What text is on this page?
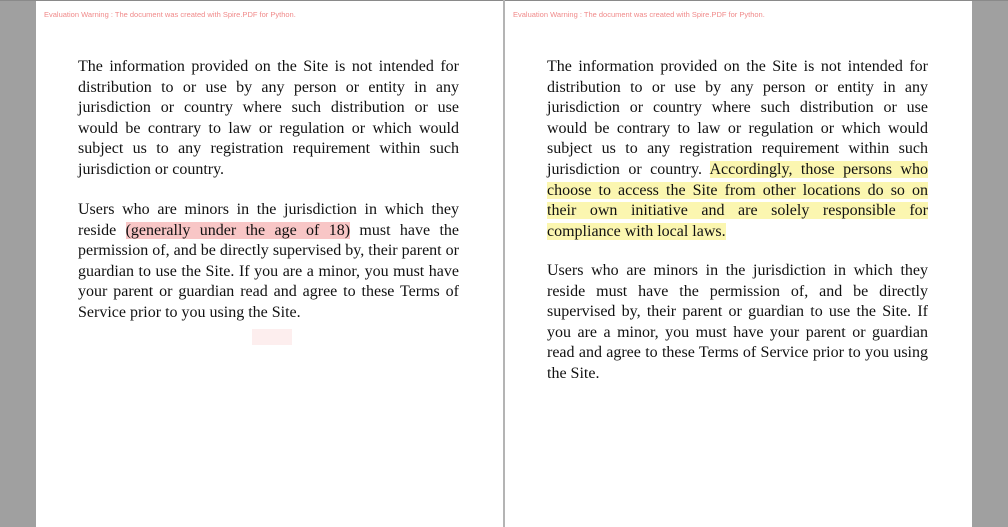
Evaluation Warning : The document was created with Spire.PDF for Python.

The information provided on the Site is not intended for distribution to or use by any person or entity in any jurisdiction or country where such distribution or use would be contrary to law or regulation or which would subject us to any registration requirement within such jurisdiction or country.

Users who are minors in the jurisdiction in which they reside (generally under the age of 18) must have the permission of, and be directly supervised by, their parent or guardian to use the Site. If you are a minor, you must have your parent or guardian read and agree to these Terms of Service prior to you using the Site.

Evaluation Warning : The document was created with Spire.PDF for Python.

The information provided on the Site is not intended for distribution to or use by any person or entity in any jurisdiction or country where such distribution or use would be contrary to law or regulation or which would subject us to any registration requirement within such jurisdiction or country. Accordingly, those persons who choose to access the Site from other locations do so on their own initiative and are solely responsible for compliance with local laws.

Users who are minors in the jurisdiction in which they reside must have the permission of, and be directly supervised by, their parent or guardian to use the Site. If you are a minor, you must have your parent or guardian read and agree to these Terms of Service prior to you using the Site.
